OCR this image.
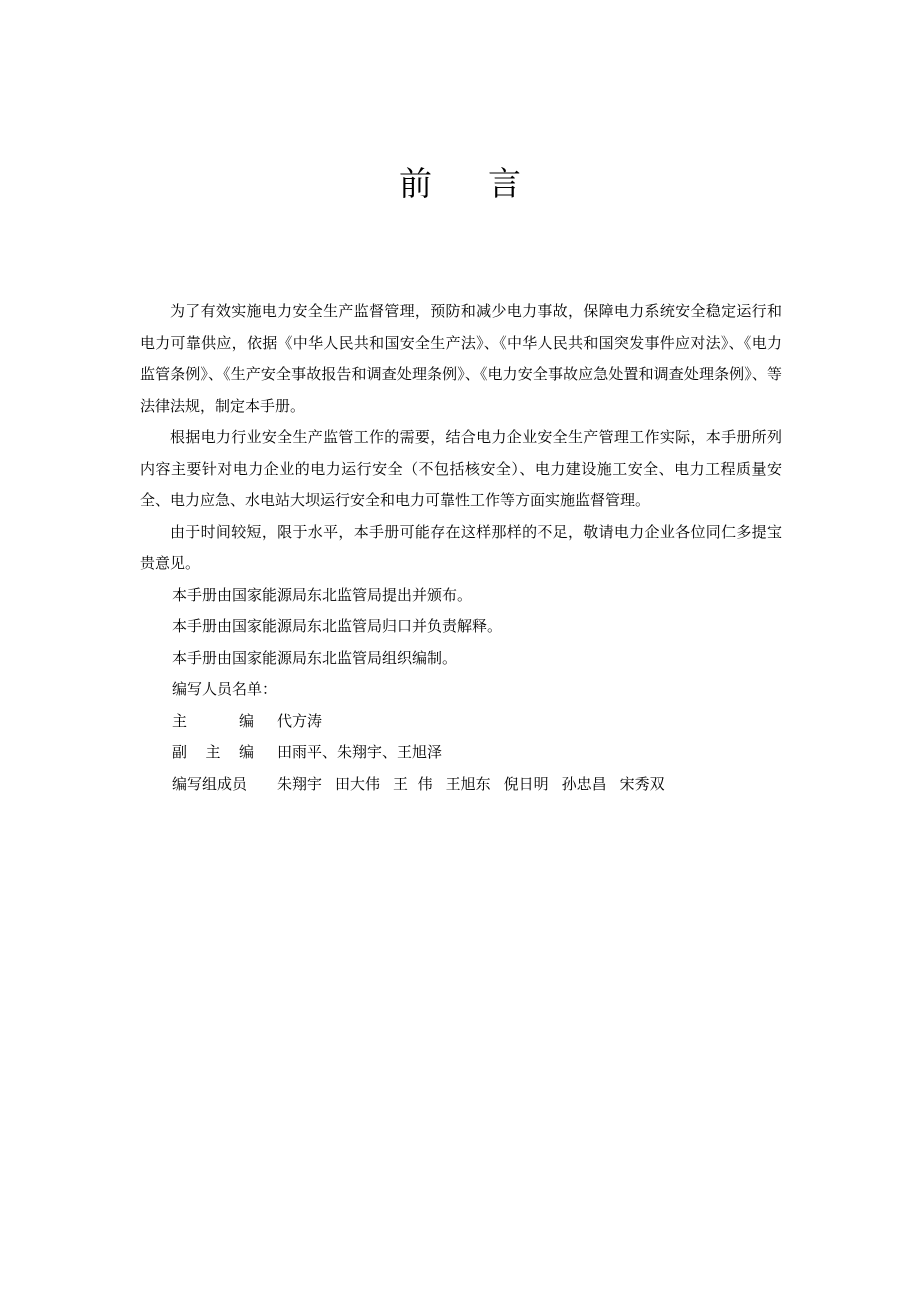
前 言

为了有效实施电力安全生产监督管理，预防和减少电力事故，保障电力系统安全稳定运行和电力可靠供应，依据《中华人民共和国安全生产法》、《中华人民共和国突发事件应对法》、《电力监管条例》、《生产安全事故报告和调查处理条例》、《电力安全事故应急处置和调查处理条例》、等法律法规，制定本手册。

根据电力行业安全生产监管工作的需要，结合电力企业安全生产管理工作实际，本手册所列内容主要针对电力企业的电力运行安全（不包括核安全）、电力建设施工安全、电力工程质量安全、电力应急、水电站大坝运行安全和电力可靠性工作等方面实施监督管理。

由于时间较短，限于水平，本手册可能存在这样那样的不足，敬请电力企业各位同仁多提宝贵意见。

本手册由国家能源局东北监管局提出并颁布。

本手册由国家能源局东北监管局归口并负责解释。

本手册由国家能源局东北监管局组织编制。

编写人员名单：

主	编 代方涛
副 主 编 田雨平、朱翔宇、王旭泽
编写组成员	朱翔宇 田大伟 王  伟 王旭东 倪日明 孙忠昌 宋秀双
